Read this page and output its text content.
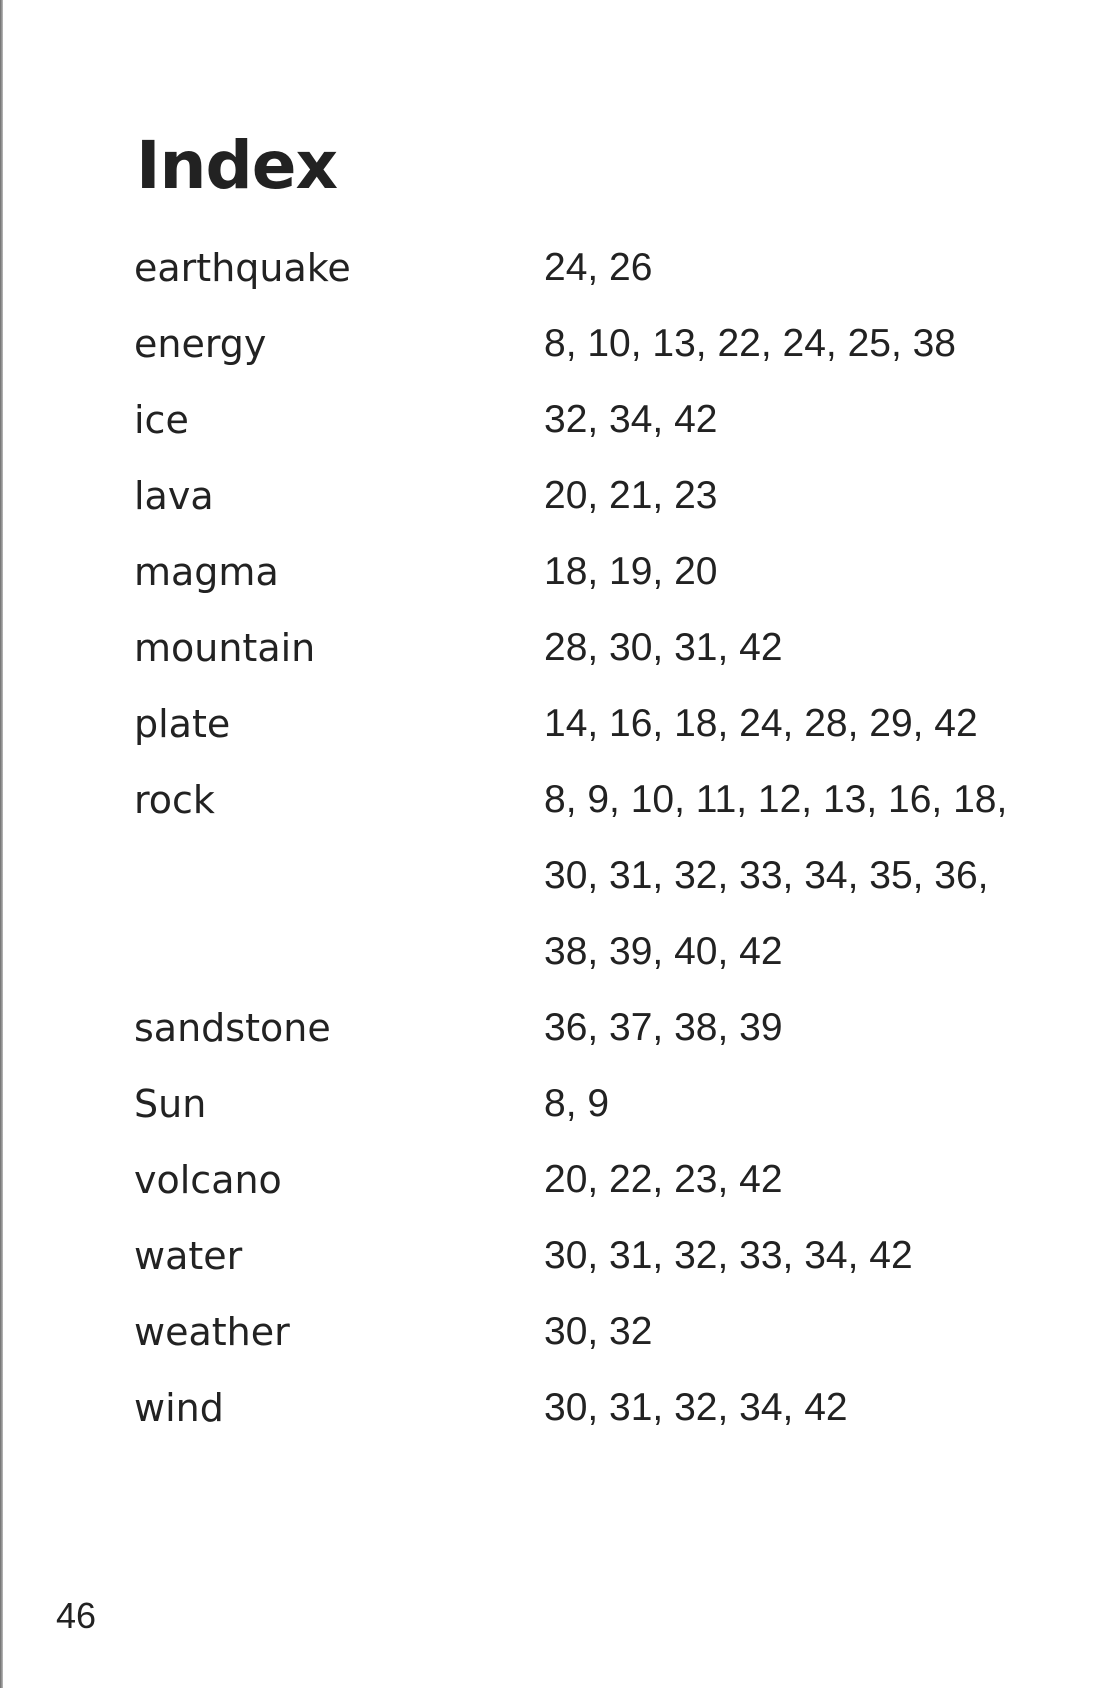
Index
earthquake	24, 26
energy	8, 10, 13, 22, 24, 25, 38
ice	32, 34, 42
lava	20, 21, 23
magma	18, 19, 20
mountain	28, 30, 31, 42
plate	14, 16, 18, 24, 28, 29, 42
rock	8, 9, 10, 11, 12, 13, 16, 18, 30, 31, 32, 33, 34, 35, 36, 38, 39, 40, 42
sandstone	36, 37, 38, 39
Sun	8, 9
volcano	20, 22, 23, 42
water	30, 31, 32, 33, 34, 42
weather	30, 32
wind	30, 31, 32, 34, 42
46
